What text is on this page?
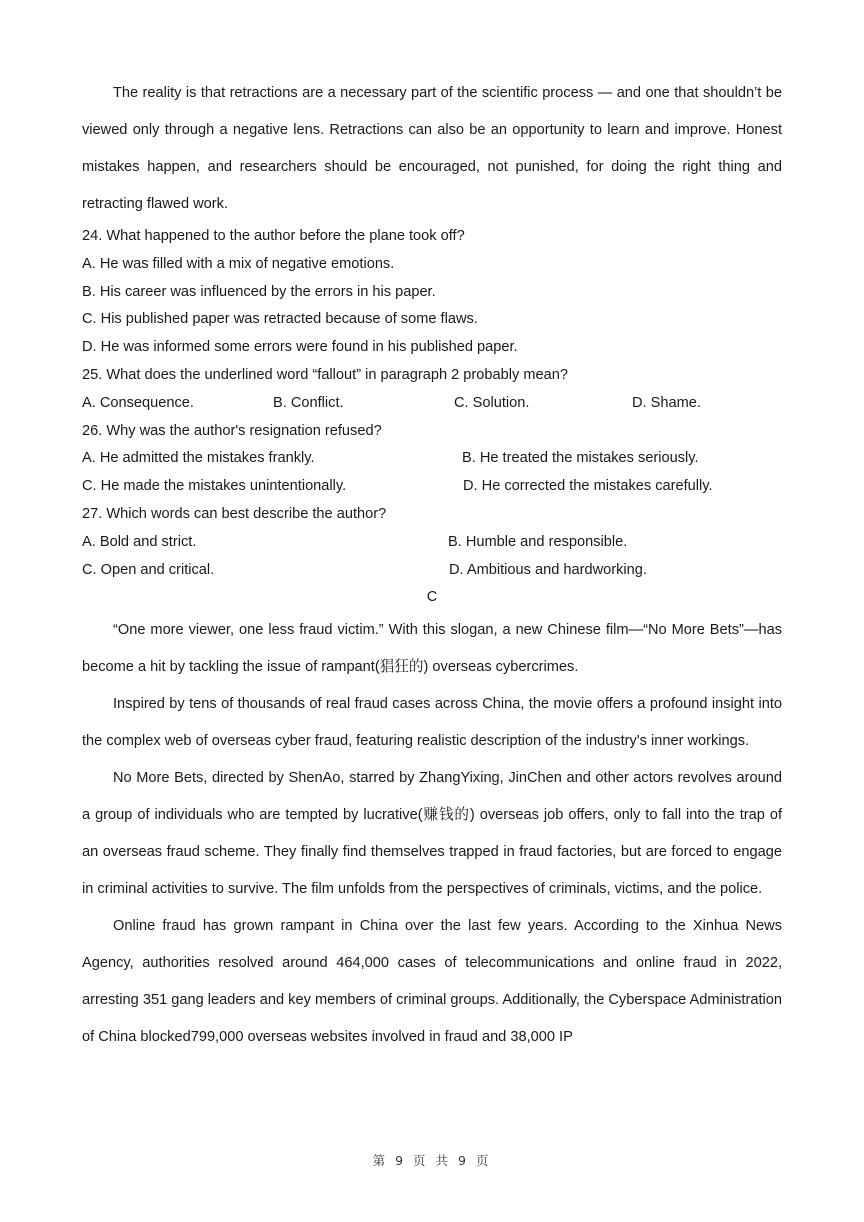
The reality is that retractions are a necessary part of the scientific process — and one that shouldn’t be viewed only through a negative lens. Retractions can also be an opportunity to learn and improve. Honest mistakes happen, and researchers should be encouraged, not punished, for doing the right thing and retracting flawed work.

24. What happened to the author before the plane took off?
A. He was filled with a mix of negative emotions.
B. His career was influenced by the errors in his paper.
C. His published paper was retracted because of some flaws.
D. He was informed some errors were found in his published paper.
25. What does the underlined word “fallout” in paragraph 2 probably mean?
A. Consequence.	B. Conflict.	C. Solution.	D. Shame.
26. Why was the author's resignation refused?
A. He admitted the mistakes frankly.	B. He treated the mistakes seriously.
C. He made the mistakes unintentionally.	D. He corrected the mistakes carefully.
27. Which words can best describe the author?
A. Bold and strict.	B. Humble and responsible.
C. Open and critical.	D. Ambitious and hardworking.
C

“One more viewer, one less fraud victim.” With this slogan, a new Chinese film—“No More Bets”—has become a hit by tackling the issue of rampant(猖狂的) overseas cybercrimes.

Inspired by tens of thousands of real fraud cases across China, the movie offers a profound insight into the complex web of overseas cyber fraud, featuring realistic description of the industry's inner workings.

No More Bets, directed by ShenAo, starred by ZhangYixing, JinChen and other actors revolves around a group of individuals who are tempted by lucrative(赚钱的) overseas job offers, only to fall into the trap of an overseas fraud scheme. They finally find themselves trapped in fraud factories, but are forced to engage in criminal activities to survive. The film unfolds from the perspectives of criminals, victims, and the police.

Online fraud has grown rampant in China over the last few years. According to the Xinhua News Agency, authorities resolved around 464,000 cases of telecommunications and online fraud in 2022, arresting 351 gang leaders and key members of criminal groups. Additionally, the Cyberspace Administration of China blocked799,000 overseas websites involved in fraud and 38,000 IP

第 9 页 共 9 页
